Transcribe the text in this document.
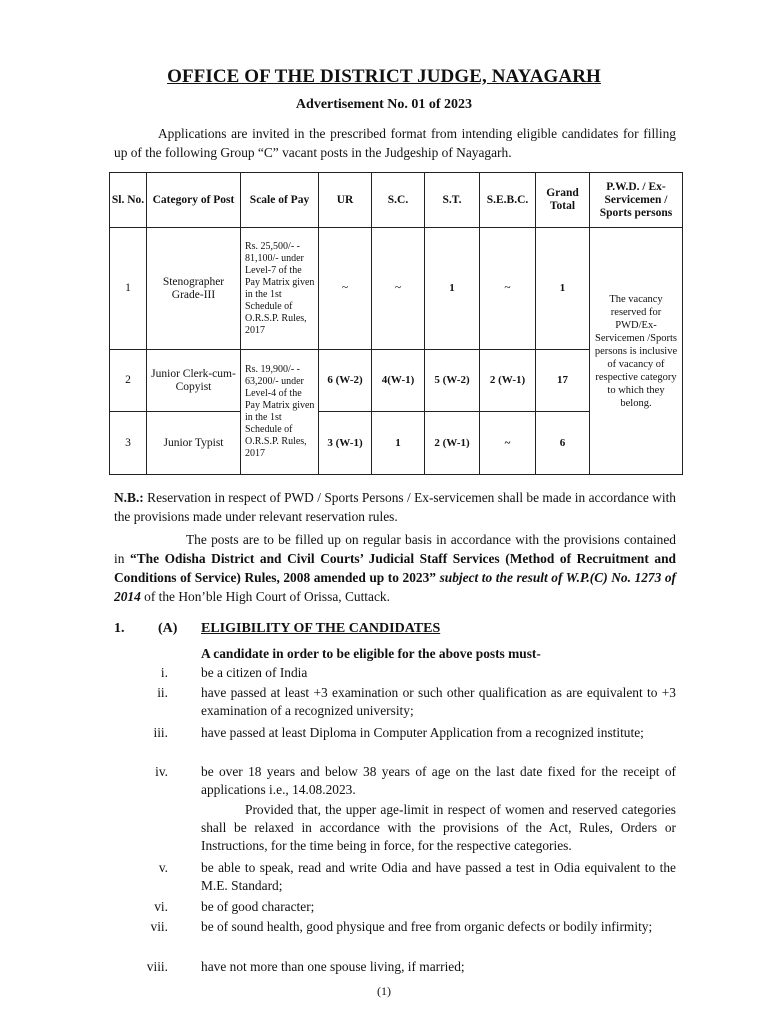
OFFICE OF THE DISTRICT JUDGE, NAYAGARH
Advertisement No. 01 of 2023
Applications are invited in the prescribed format from intending eligible candidates for filling up of the following Group “C” vacant posts in the Judgeship of Nayagarh.
Sl. No.	Category of Post	Scale of Pay	UR	S.C.	S.T.	S.E.B.C.	Grand Total	P.W.D. / Ex-Servicemen / Sports persons
1	Stenographer Grade-III	Rs. 25,500/- - 81,100/- under Level-7 of the Pay Matrix given in the 1st Schedule of O.R.S.P. Rules, 2017	~	~	1	~	1	The vacancy reserved for PWD/Ex-Servicemen /Sports persons is inclusive of vacancy of respective category to which they belong.
2	Junior Clerk-cum-Copyist	Rs. 19,900/- - 63,200/- under Level-4 of the Pay Matrix given in the 1st Schedule of O.R.S.P. Rules, 2017	6 (W-2)	4(W-1)	5 (W-2)	2 (W-1)	17	
3	Junior Typist		3 (W-1)	1	2 (W-1)	~	6	
N.B.: Reservation in respect of PWD / Sports Persons / Ex-servicemen shall be made in accordance with the provisions made under relevant reservation rules.
The posts are to be filled up on regular basis in accordance with the provisions contained in “The Odisha District and Civil Courts’ Judicial Staff Services (Method of Recruitment and Conditions of Service) Rules, 2008 amended up to 2023” subject to the result of W.P.(C) No. 1273 of 2014 of the Hon’ble High Court of Orissa, Cuttack.
1. (A) ELIGIBILITY OF THE CANDIDATES
A candidate in order to be eligible for the above posts must-
i. be a citizen of India
ii. have passed at least +3 examination or such other qualification as are equivalent to +3 examination of a recognized university;
iii. have passed at least Diploma in Computer Application from a recognized institute;
iv. be over 18 years and below 38 years of age on the last date fixed for the receipt of applications i.e., 14.08.2023.
Provided that, the upper age-limit in respect of women and reserved categories shall be relaxed in accordance with the provisions of the Act, Rules, Orders or Instructions, for the time being in force, for the respective categories.
v. be able to speak, read and write Odia and have passed a test in Odia equivalent to the M.E. Standard;
vi. be of good character;
vii. be of sound health, good physique and free from organic defects or bodily infirmity;
viii. have not more than one spouse living, if married;
(1)
